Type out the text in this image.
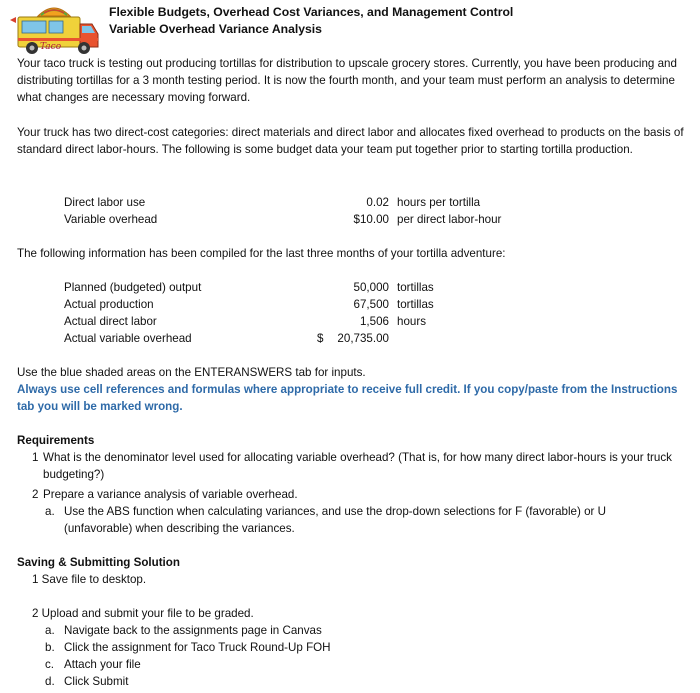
Taco
Flexible Budgets, Overhead Cost Variances, and Management Control
Variable Overhead Variance Analysis
Your taco truck is testing out producing tortillas for distribution to upscale grocery stores. Currently, you have been producing and distributing tortillas for a 3 month testing period. It is now the fourth month, and your team must perform an analysis to determine what changes are necessary moving forward.
Your truck has two direct-cost categories: direct materials and direct labor and allocates fixed overhead to products on the basis of standard direct labor-hours. The following is some budget data your team put together prior to starting tortilla production.
Direct labor use	0.02 hours per tortilla
Variable overhead	$10.00 per direct labor-hour
The following information has been compiled for the last three months of your tortilla adventure:
Planned (budgeted) output	50,000 tortillas
Actual production	67,500 tortillas
Actual direct labor	1,506 hours
Actual variable overhead	$ 20,735.00
Use the blue shaded areas on the ENTERANSWERS tab for inputs.
Always use cell references and formulas where appropriate to receive full credit. If you copy/paste from the Instructions tab you will be marked wrong.
Requirements
1 What is the denominator level used for allocating variable overhead? (That is, for how many direct labor-hours is your truck budgeting?)
2 Prepare a variance analysis of variable overhead.
a. Use the ABS function when calculating variances, and use the drop-down selections for F (favorable) or U (unfavorable) when describing the variances.
Saving & Submitting Solution
1 Save file to desktop.
2 Upload and submit your file to be graded.
a. Navigate back to the assignments page in Canvas
b. Click the assignment for Taco Truck Round-Up FOH
c. Attach your file
d. Click Submit
